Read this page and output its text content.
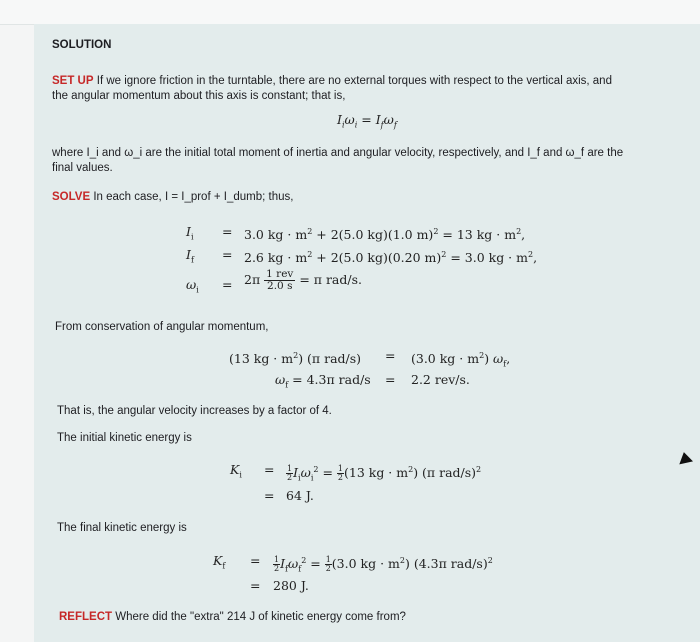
SOLUTION
SET UP If we ignore friction in the turntable, there are no external torques with respect to the vertical axis, and
the angular momentum about this axis is constant; that is,
$I_i\omega_i = I_f\omega_f$
where I_i and ω_i are the initial total moment of inertia and angular velocity, respectively, and I_f and ω_f are the
final values.
SOLVE In each case, I = I_prof + I_dumb; thus,
$I_i = 3.0$ kg · $m^2 + 2(5.0$ kg)(1.0 m)$^2$ = 13 kg · $m^2$,
$I_f = 2.6$ kg · $m^2 + 2(5.0$ kg)(0.20 m)$^2$ = 3.0 kg · $m^2$,
$\omega_i = 2\pi$ 1 rev
2.0 s = π rad/s.
From conservation of angular momentum,
(13 kg · $m^2$) (π rad/s) = (3.0 kg · $m^2$) $\omega_f$,
$\omega_f = 4.3\pi$ rad/s = 2.2 rev/s.
That is, the angular velocity increases by a factor of 4.
The initial kinetic energy is
$K_i = \frac{1}{2} I_i\omega_i^2 = \frac{1}{2} (13$ kg · $m^2$) (π rad/s)$^2$
= 64 J.
The final kinetic energy is
$K_f = \frac{1}{2} I_f\omega_f^2 = \frac{1}{2} (3.0$ kg · $m^2$) (4.3π rad/s)$^2$
= 280 J.
REFLECT Where did the "extra" 214 J of kinetic energy come from?
